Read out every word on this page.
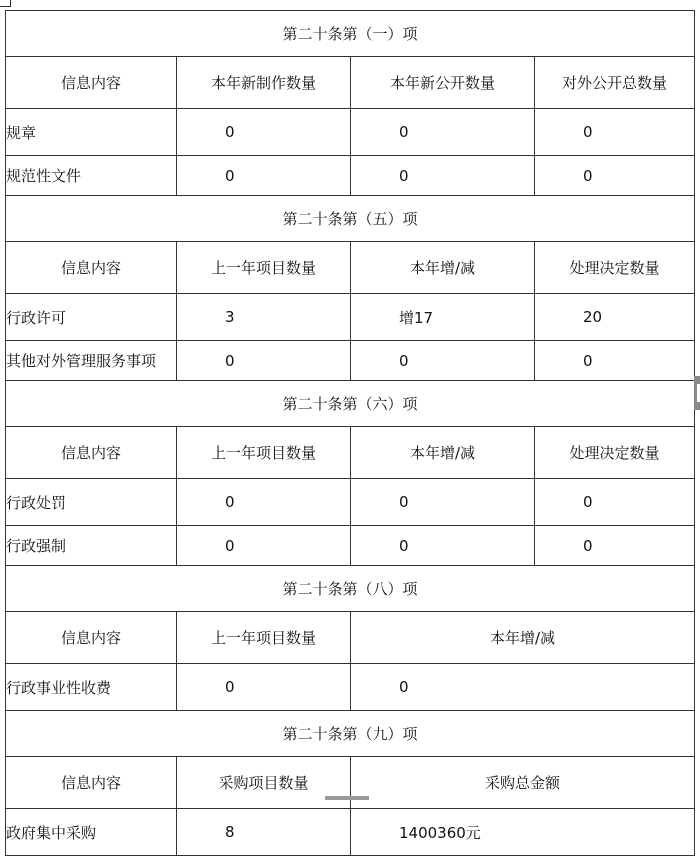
第二十条第（一）项			
信息内容	本年新制作数量	本年新公开数量	对外公开总数量
规章	0	0	0
规范性文件	0	0	0
第二十条第（五）项			
信息内容	上一年项目数量	本年增/减	处理决定数量
行政许可	3	增17	20
其他对外管理服务事项	0	0	0
第二十条第（六）项			
信息内容	上一年项目数量	本年增/减	处理决定数量
行政处罚	0	0	0
行政强制	0	0	0
第二十条第（八）项			
信息内容	上一年项目数量	本年增/减	
行政事业性收费	0	0	
第二十条第（九）项			
信息内容	采购项目数量	采购总金额	
政府集中采购	8	1400360元	
